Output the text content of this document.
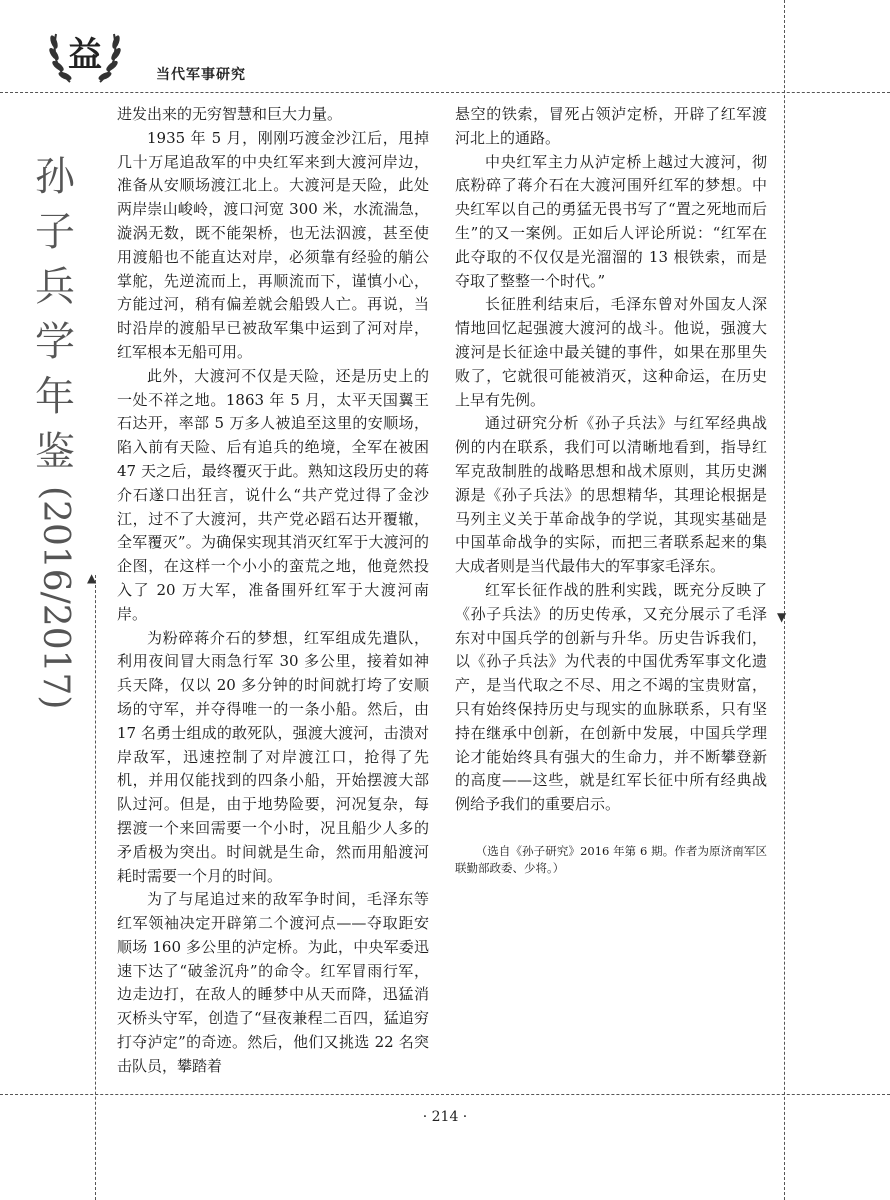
益	当代军事研究
孙
子
兵
学
年
鉴
(2016/2017) ▲
▼

进发出来的无穷智慧和巨大力量。

1935 年 5 月，刚刚巧渡金沙江后，甩掉几十万尾追敌军的中央红军来到大渡河岸边，准备从安顺场渡江北上。大渡河是天险，此处两岸崇山峻岭，渡口河宽 300 米，水流湍急，漩涡无数，既不能架桥，也无法泅渡，甚至使用渡船也不能直达对岸，必须靠有经验的艄公掌舵，先逆流而上，再顺流而下，谨慎小心，方能过河，稍有偏差就会船毁人亡。再说，当时沿岸的渡船早已被敌军集中运到了河对岸，红军根本无船可用。

此外，大渡河不仅是天险，还是历史上的一处不祥之地。1863 年 5 月，太平天国翼王石达开，率部 5 万多人被追至这里的安顺场，陷入前有天险、后有追兵的绝境，全军在被困 47 天之后，最终覆灭于此。熟知这段历史的蒋介石遂口出狂言，说什么“共产党过得了金沙江，过不了大渡河，共产党必蹈石达开覆辙，全军覆灭”。为确保实现其消灭红军于大渡河的企图，在这样一个小小的蛮荒之地，他竟然投入了 20 万大军，准备围歼红军于大渡河南岸。

为粉碎蒋介石的梦想，红军组成先遣队，利用夜间冒大雨急行军 30 多公里，接着如神兵天降，仅以 20 多分钟的时间就打垮了安顺场的守军，并夺得唯一的一条小船。然后，由 17 名勇士组成的敢死队，强渡大渡河，击溃对岸敌军，迅速控制了对岸渡江口，抢得了先机，并用仅能找到的四条小船，开始摆渡大部队过河。但是，由于地势险要，河况复杂，每摆渡一个来回需要一个小时，况且船少人多的矛盾极为突出。时间就是生命，然而用船渡河耗时需要一个月的时间。

为了与尾追过来的敌军争时间，毛泽东等红军领袖决定开辟第二个渡河点——夺取距安顺场 160 多公里的泸定桥。为此，中央军委迅速下达了“破釜沉舟”的命令。红军冒雨行军，边走边打，在敌人的睡梦中从天而降，迅猛消灭桥头守军，创造了“昼夜兼程二百四，猛追穷打夺泸定”的奇迹。然后，他们又挑选 22 名突击队员，攀踏着

悬空的铁索，冒死占领泸定桥，开辟了红军渡河北上的通路。

中央红军主力从泸定桥上越过大渡河，彻底粉碎了蒋介石在大渡河围歼红军的梦想。中央红军以自己的勇猛无畏书写了“置之死地而后生”的又一案例。正如后人评论所说：“红军在此夺取的不仅仅是光溜溜的 13 根铁索，而是夺取了整整一个时代。”

长征胜利结束后，毛泽东曾对外国友人深情地回忆起强渡大渡河的战斗。他说，强渡大渡河是长征途中最关键的事件，如果在那里失败了，它就很可能被消灭，这种命运，在历史上早有先例。

通过研究分析《孙子兵法》与红军经典战例的内在联系，我们可以清晰地看到，指导红军克敌制胜的战略思想和战术原则，其历史渊源是《孙子兵法》的思想精华，其理论根据是马列主义关于革命战争的学说，其现实基础是中国革命战争的实际，而把三者联系起来的集大成者则是当代最伟大的军事家毛泽东。

红军长征作战的胜利实践，既充分反映了《孙子兵法》的历史传承，又充分展示了毛泽东对中国兵学的创新与升华。历史告诉我们，以《孙子兵法》为代表的中国优秀军事文化遗产，是当代取之不尽、用之不竭的宝贵财富，只有始终保持历史与现实的血脉联系，只有坚持在继承中创新，在创新中发展，中国兵学理论才能始终具有强大的生命力，并不断攀登新的高度——这些，就是红军长征中所有经典战例给予我们的重要启示。

（选自《孙子研究》2016 年第 6 期。作者为原济南军区联勤部政委、少将。）

· 214 ·
